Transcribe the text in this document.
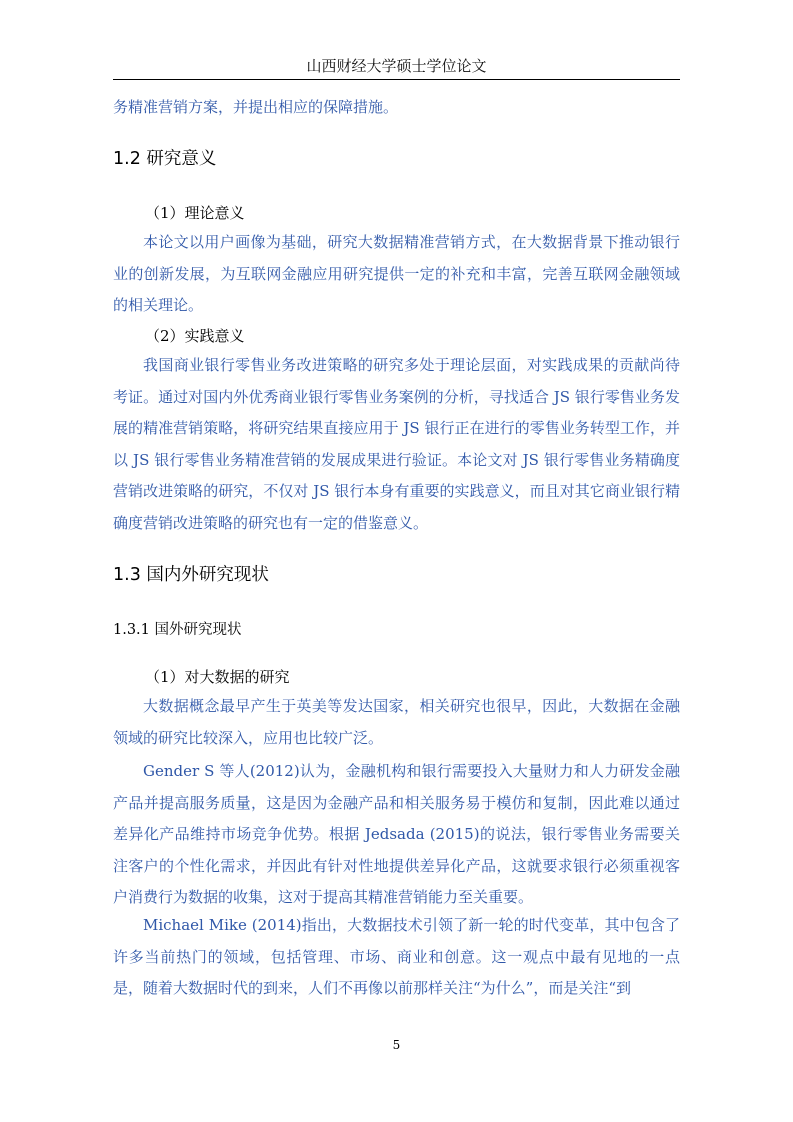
山西财经大学硕士学位论文
务精准营销方案，并提出相应的保障措施。
1.2 研究意义
（1）理论意义
本论文以用户画像为基础，研究大数据精准营销方式，在大数据背景下推动银行业的创新发展，为互联网金融应用研究提供一定的补充和丰富，完善互联网金融领域的相关理论。
（2）实践意义
我国商业银行零售业务改进策略的研究多处于理论层面，对实践成果的贡献尚待考证。通过对国内外优秀商业银行零售业务案例的分析，寻找适合 JS 银行零售业务发展的精准营销策略，将研究结果直接应用于 JS 银行正在进行的零售业务转型工作，并以 JS 银行零售业务精准营销的发展成果进行验证。本论文对 JS 银行零售业务精确度营销改进策略的研究，不仅对 JS 银行本身有重要的实践意义，而且对其它商业银行精确度营销改进策略的研究也有一定的借鉴意义。
1.3 国内外研究现状
1.3.1 国外研究现状
（1）对大数据的研究
大数据概念最早产生于英美等发达国家，相关研究也很早，因此，大数据在金融领域的研究比较深入，应用也比较广泛。
Gender S 等人(2012)认为，金融机构和银行需要投入大量财力和人力研发金融产品并提高服务质量，这是因为金融产品和相关服务易于模仿和复制，因此难以通过差异化产品维持市场竞争优势。根据 Jedsada (2015)的说法，银行零售业务需要关注客户的个性化需求，并因此有针对性地提供差异化产品，这就要求银行必须重视客户消费行为数据的收集，这对于提高其精准营销能力至关重要。
Michael Mike (2014)指出，大数据技术引领了新一轮的时代变革，其中包含了许多当前热门的领域，包括管理、市场、商业和创意。这一观点中最有见地的一点是，随着大数据时代的到来，人们不再像以前那样关注“为什么”，而是关注“到
5
